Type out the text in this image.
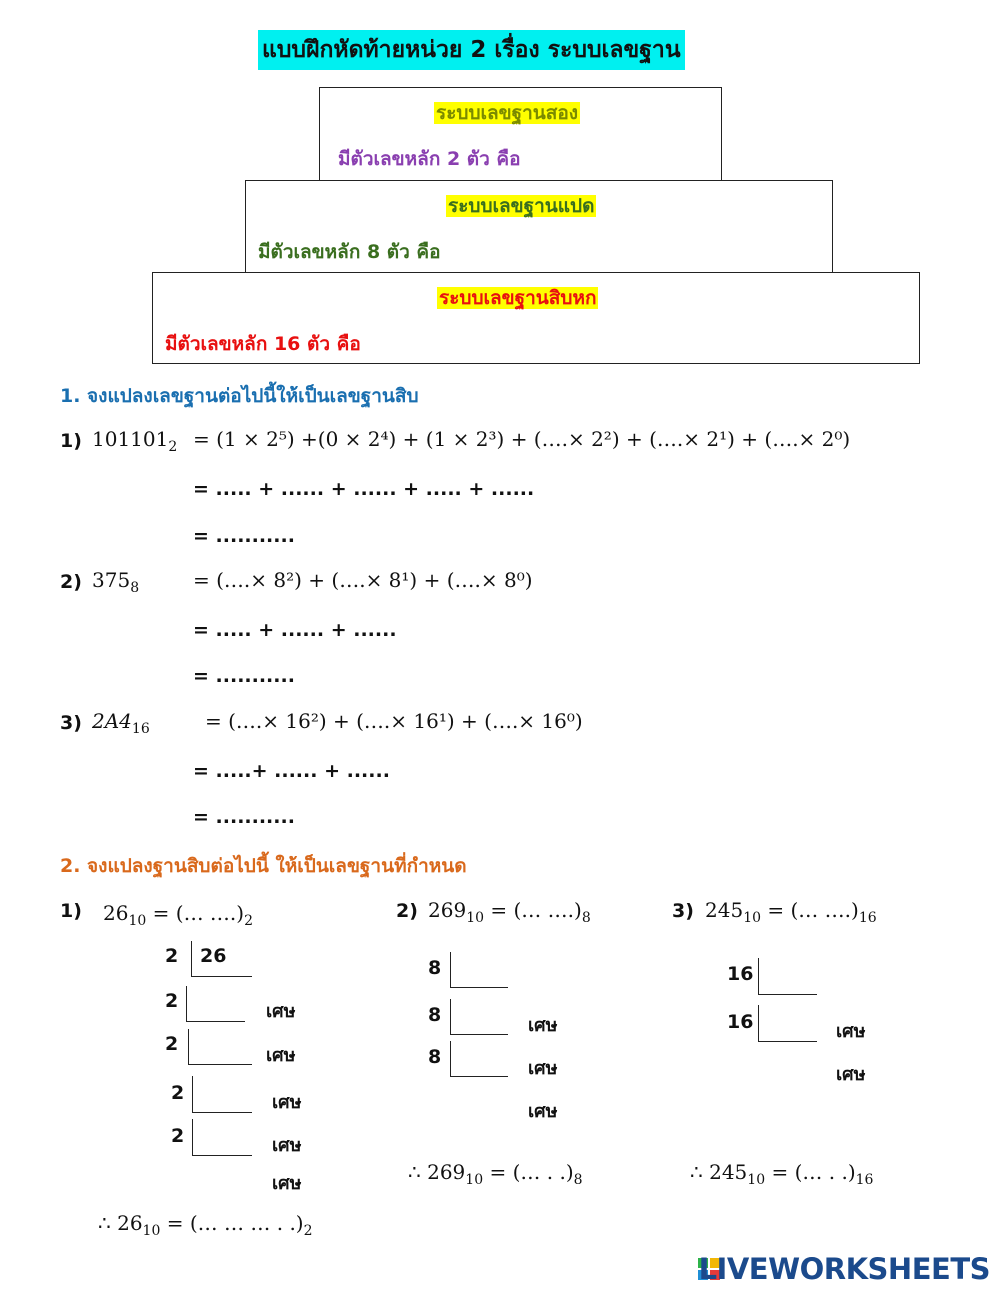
แบบฝึกหัดท้ายหน่วย 2 เรื่อง ระบบเลขฐาน
ระบบเลขฐานสอง
มีตัวเลขหลัก 2 ตัว คือ
ระบบเลขฐานแปด
มีตัวเลขหลัก 8 ตัว คือ
ระบบเลขฐานสิบหก
มีตัวเลขหลัก 16 ตัว คือ
1. จงแปลงเลขฐานต่อไปนี้ให้เป็นเลขฐานสิบ
1) $101101_2 = (1 \times 2^5) +(0 \times 2^4) + (1 \times 2^3)$ + (….× 2²) + (….× 2¹) + (….× 2⁰)
= ..... + ...... + ...... + ..... + ......
= ...........
2) $375_8$	= (….× 8²) + (….× 8¹) + (….× 8⁰)
= ..... + ...... + ......
= ...........
3) $2A4_{16}$	= (….× 16²) + (….× 16¹) + (….× 16⁰)
= .....+ ...... + ......
= ...........
2. จงแปลงฐานสิบต่อไปนี้ ให้เป็นเลขฐานที่กำหนด
1) $26_{10}$ = (… $\dots.)_2$
2 26
2	เศษ
2
เศษ
2	เศษ
2	เศษ
เศษ
∴ $26_{10}$ = (… … … . $.)_2$
2) $269_{10}$ = (… $\dots.)_8$
8
8	เศษ
8
เศษ
เศษ
∴ $269_{10}$ = (… . $.)_8$
3) $245_{10}$ = (… $\dots.)_{16}$
16
16	เศษ
เศษ
∴ $245_{10}$ = (… . $.)_{16}$
LIVEWORKSHEETS
